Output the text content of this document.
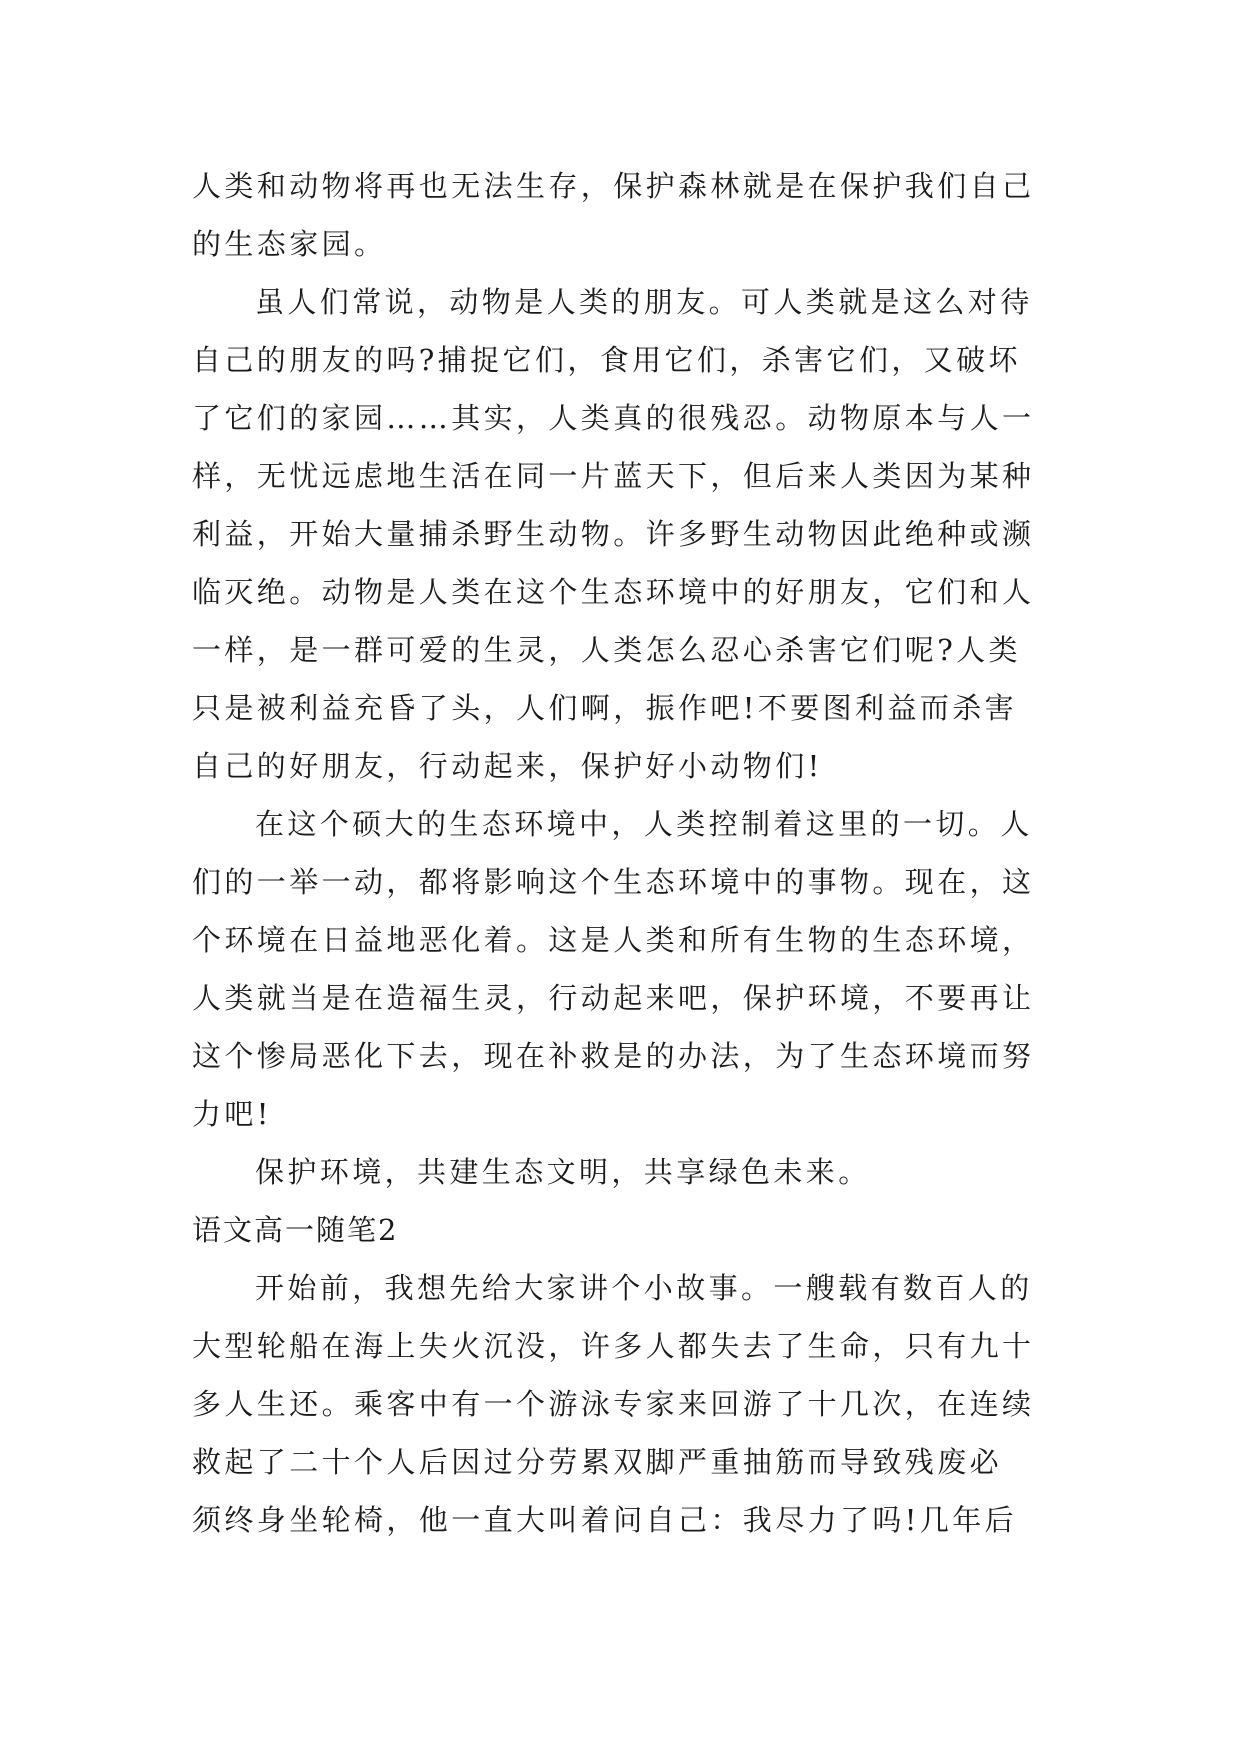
人类和动物将再也无法生存，保护森林就是在保护我们自己
的生态家园。
虽人们常说，动物是人类的朋友。可人类就是这么对待
自己的朋友的吗?捕捉它们，食用它们，杀害它们，又破坏
了它们的家园……其实，人类真的很残忍。动物原本与人一
样，无忧远虑地生活在同一片蓝天下，但后来人类因为某种
利益，开始大量捕杀野生动物。许多野生动物因此绝种或濒
临灭绝。动物是人类在这个生态环境中的好朋友，它们和人
一样，是一群可爱的生灵，人类怎么忍心杀害它们呢?人类
只是被利益充昏了头，人们啊，振作吧!不要图利益而杀害
自己的好朋友，行动起来，保护好小动物们!
在这个硕大的生态环境中，人类控制着这里的一切。人
们的一举一动，都将影响这个生态环境中的事物。现在，这
个环境在日益地恶化着。这是人类和所有生物的生态环境，
人类就当是在造福生灵，行动起来吧，保护环境，不要再让
这个惨局恶化下去，现在补救是的办法，为了生态环境而努
力吧!
保护环境，共建生态文明，共享绿色未来。
语文高一随笔2
开始前，我想先给大家讲个小故事。一艘载有数百人的
大型轮船在海上失火沉没，许多人都失去了生命，只有九十
多人生还。乘客中有一个游泳专家来回游了十几次，在连续
救起了二十个人后因过分劳累双脚严重抽筋而导致残废必
须终身坐轮椅，他一直大叫着问自己：我尽力了吗!几年后
